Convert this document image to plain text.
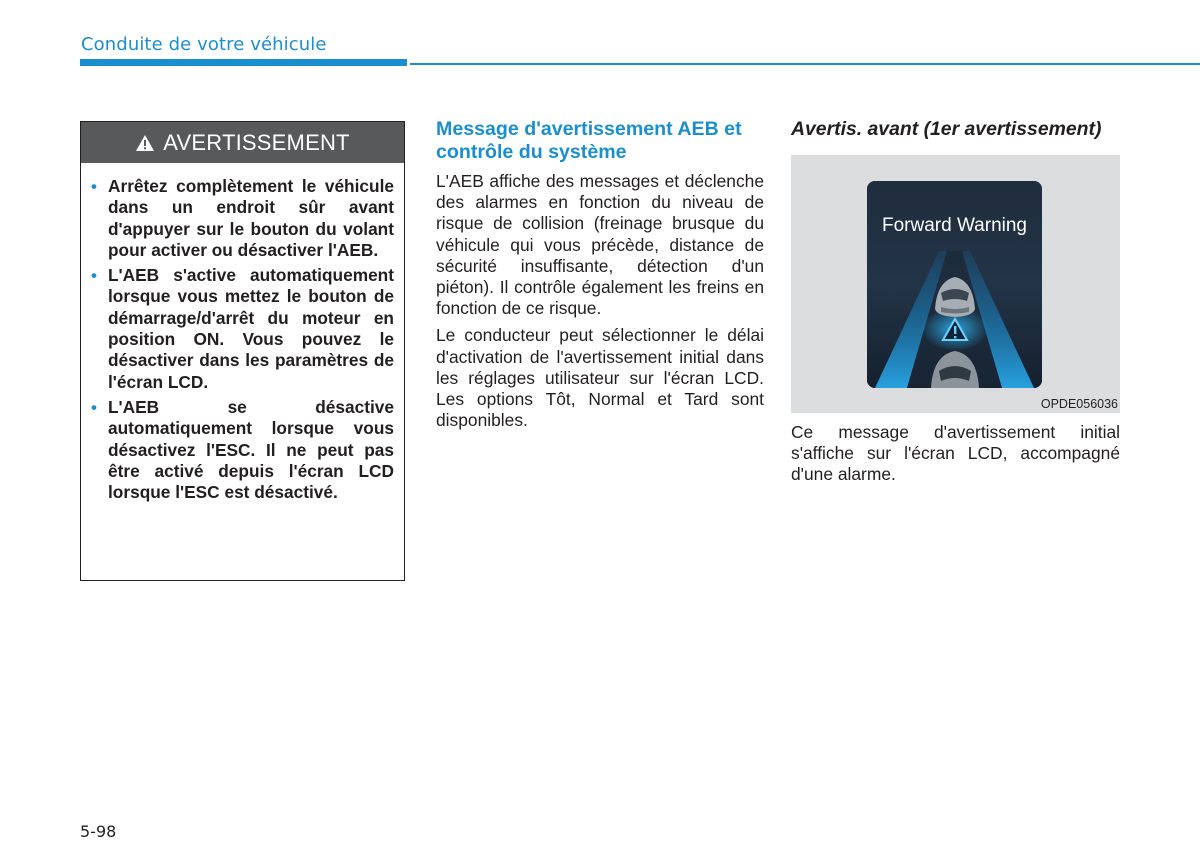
Conduite de votre véhicule
AVERTISSEMENT
• Arrêtez complètement le véhicule dans un endroit sûr avant d'appuyer sur le bouton du volant pour activer ou désactiver l'AEB.
• L'AEB s'active automatiquement lorsque vous mettez le bouton de démarrage/d'arrêt du moteur en position ON. Vous pouvez le désactiver dans les paramètres de l'écran LCD.
• L'AEB se désactive automatiquement lorsque vous désactivez l'ESC. Il ne peut pas être activé depuis l'écran LCD lorsque l'ESC est désactivé.
Message d'avertissement AEB et contrôle du système

L'AEB affiche des messages et déclenche des alarmes en fonction du niveau de risque de collision (freinage brusque du véhicule qui vous précède, distance de sécurité insuffisante, détection d'un piéton). Il contrôle également les freins en fonction de ce risque.

Le conducteur peut sélectionner le délai d'activation de l'avertissement initial dans les réglages utilisateur sur l'écran LCD. Les options Tôt, Normal et Tard sont disponibles.

Avertis. avant (1er avertissement)
Forward Warning
OPDE056036

Ce message d'avertissement initial s'affiche sur l'écran LCD, accompagné d'une alarme.

5-98
